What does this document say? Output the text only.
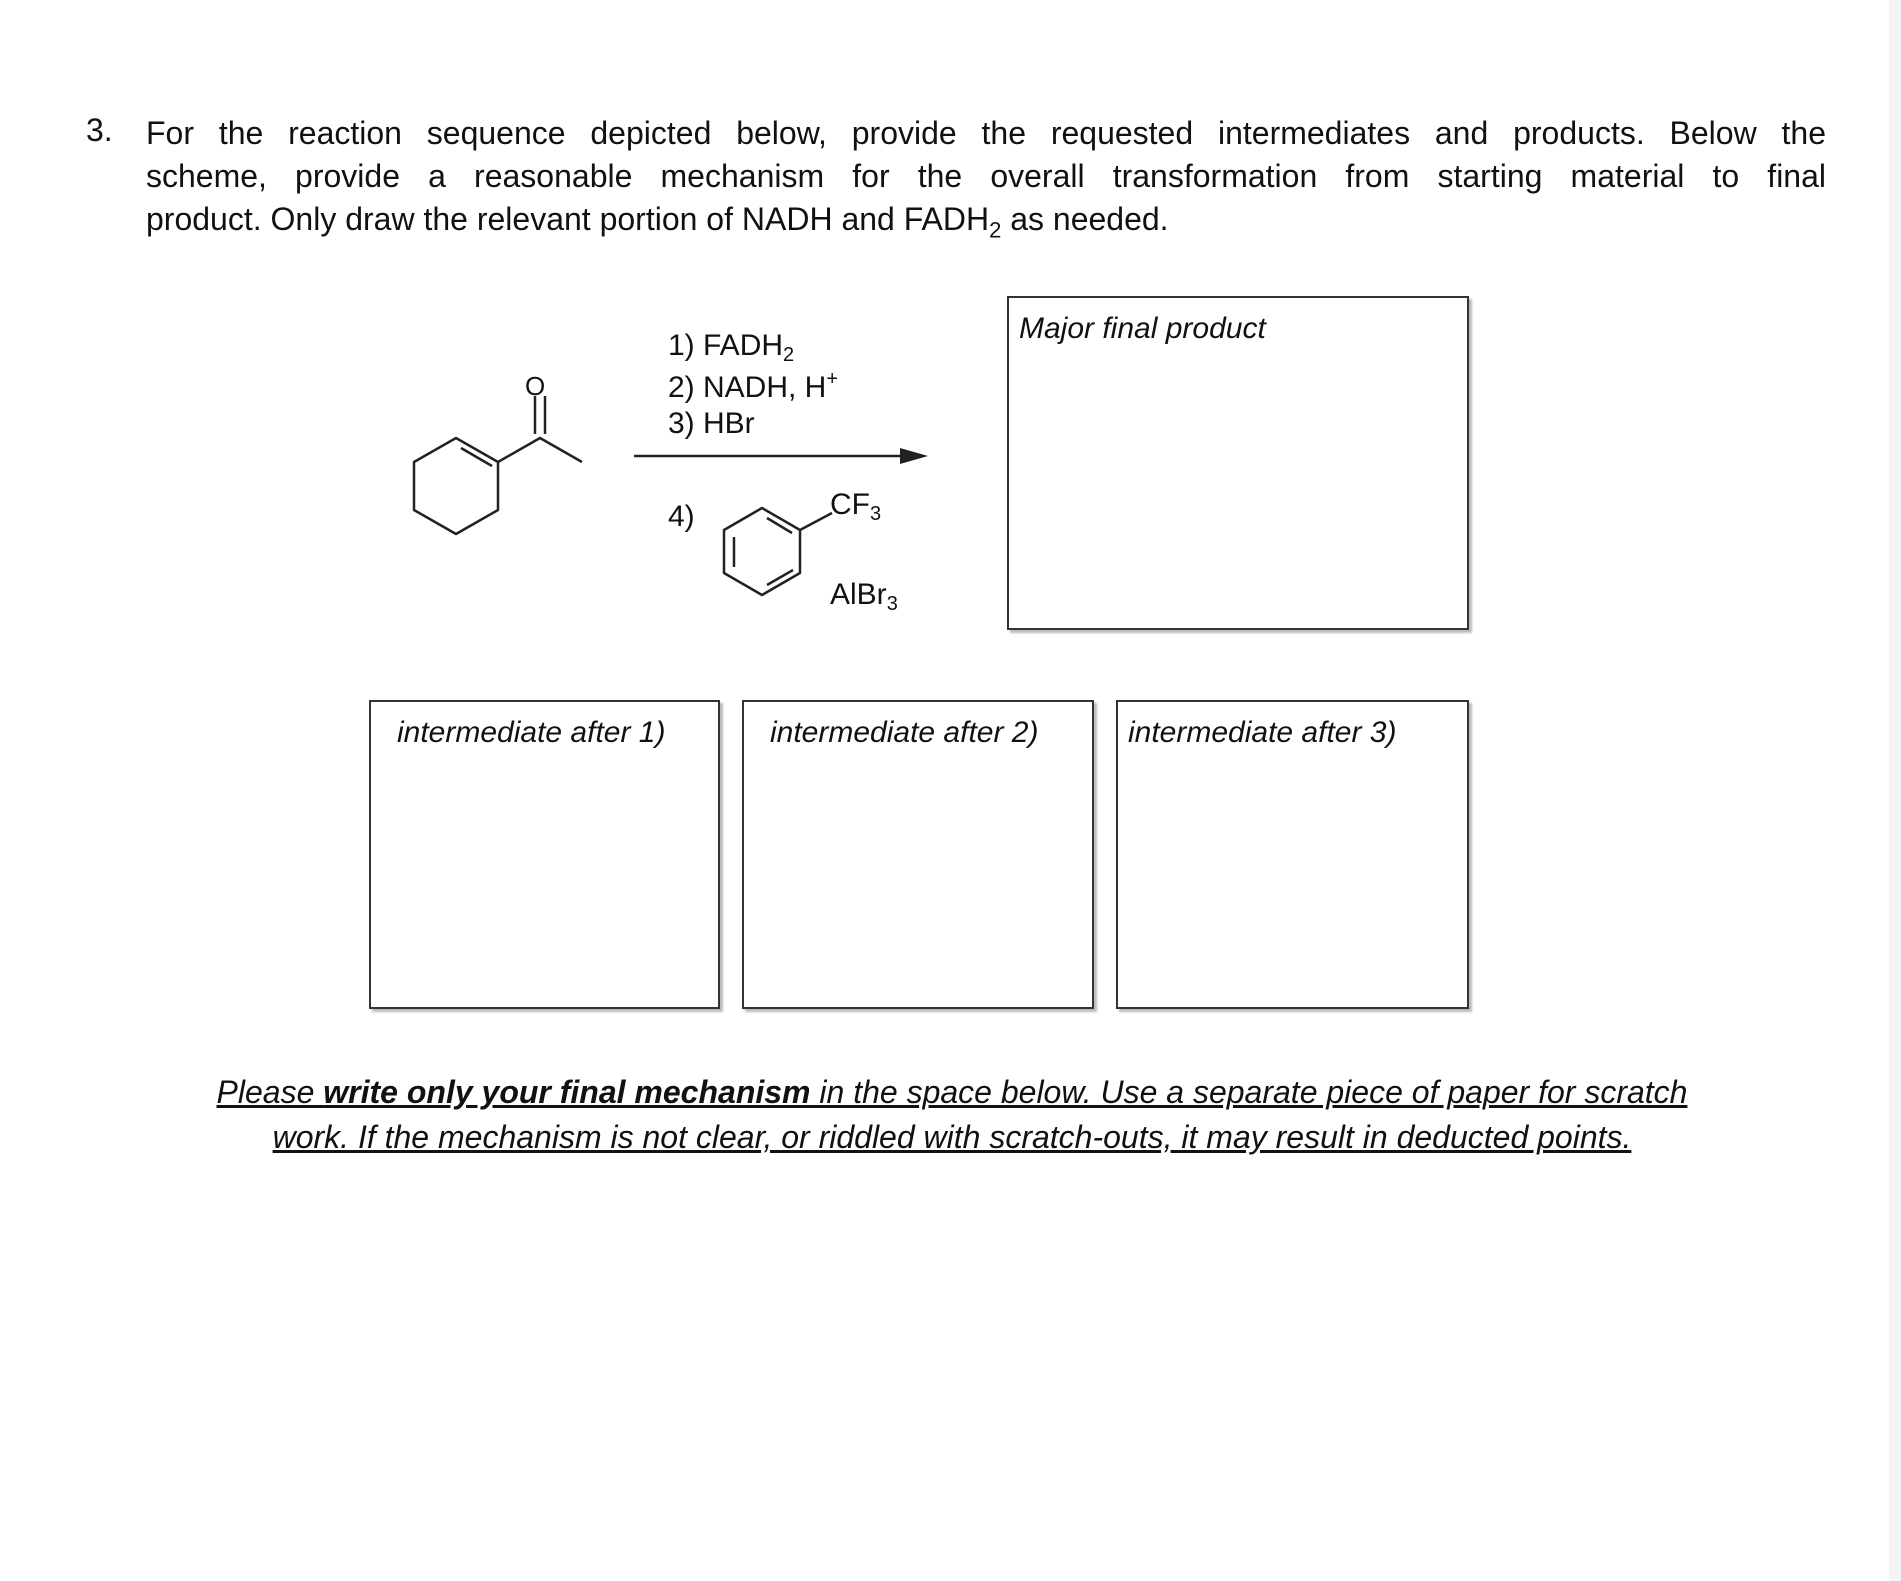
3. For the reaction sequence depicted below, provide the requested intermediates and products. Below the
scheme, provide a reasonable mechanism for the overall transformation from starting material to final
product. Only draw the relevant portion of NADH and $FADH_2$ as needed.
O
1) $FADH_2$
2) NADH, H+
3) HBr
4)	$CF_3$
AlBr$_3$
Major final product
intermediate after 1)	intermediate after 2)	intermediate after 3)
Please write only your final mechanism in the space below. Use a separate piece of paper for scratch
work. If the mechanism is not clear, or riddled with scratch-outs, it may result in deducted points.
